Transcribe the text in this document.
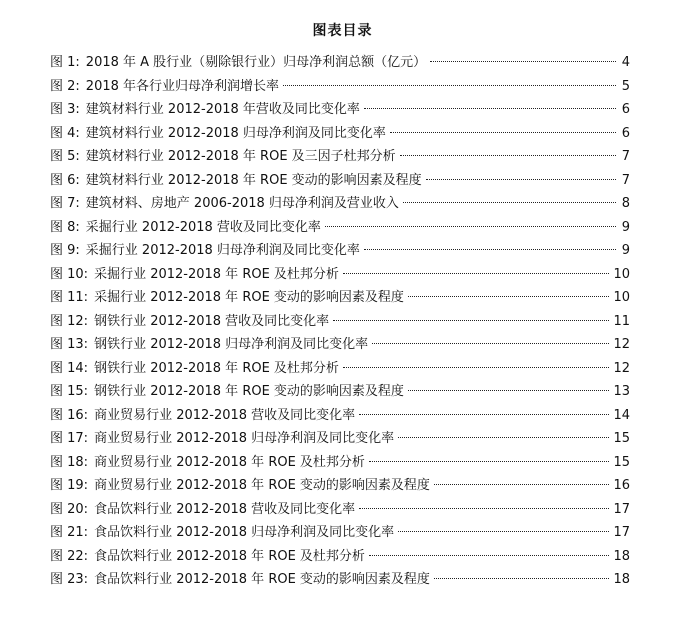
图表目录
图 1: 2018 年 A 股行业（剔除银行业）归母净利润总额（亿元）	4
图 2: 2018 年各行业归母净利润增长率	5
图 3: 建筑材料行业 2012-2018 年营收及同比变化率	6
图 4: 建筑材料行业 2012-2018 归母净利润及同比变化率	6
图 5: 建筑材料行业 2012-2018 年 ROE 及三因子杜邦分析	7
图 6: 建筑材料行业 2012-2018 年 ROE 变动的影响因素及程度	7
图 7: 建筑材料、房地产 2006-2018 归母净利润及营业收入	8
图 8: 采掘行业 2012-2018 营收及同比变化率	9
图 9: 采掘行业 2012-2018 归母净利润及同比变化率	9
图 10: 采掘行业 2012-2018 年 ROE 及杜邦分析	10
图 11: 采掘行业 2012-2018 年 ROE 变动的影响因素及程度	10
图 12: 钢铁行业 2012-2018 营收及同比变化率	11
图 13: 钢铁行业 2012-2018 归母净利润及同比变化率	12
图 14: 钢铁行业 2012-2018 年 ROE 及杜邦分析	12
图 15: 钢铁行业 2012-2018 年 ROE 变动的影响因素及程度	13
图 16: 商业贸易行业 2012-2018 营收及同比变化率	14
图 17: 商业贸易行业 2012-2018 归母净利润及同比变化率	15
图 18: 商业贸易行业 2012-2018 年 ROE 及杜邦分析	15
图 19: 商业贸易行业 2012-2018 年 ROE 变动的影响因素及程度	16
图 20: 食品饮料行业 2012-2018 营收及同比变化率	17
图 21: 食品饮料行业 2012-2018 归母净利润及同比变化率	17
图 22: 食品饮料行业 2012-2018 年 ROE 及杜邦分析	18
图 23: 食品饮料行业 2012-2018 年 ROE 变动的影响因素及程度	18
